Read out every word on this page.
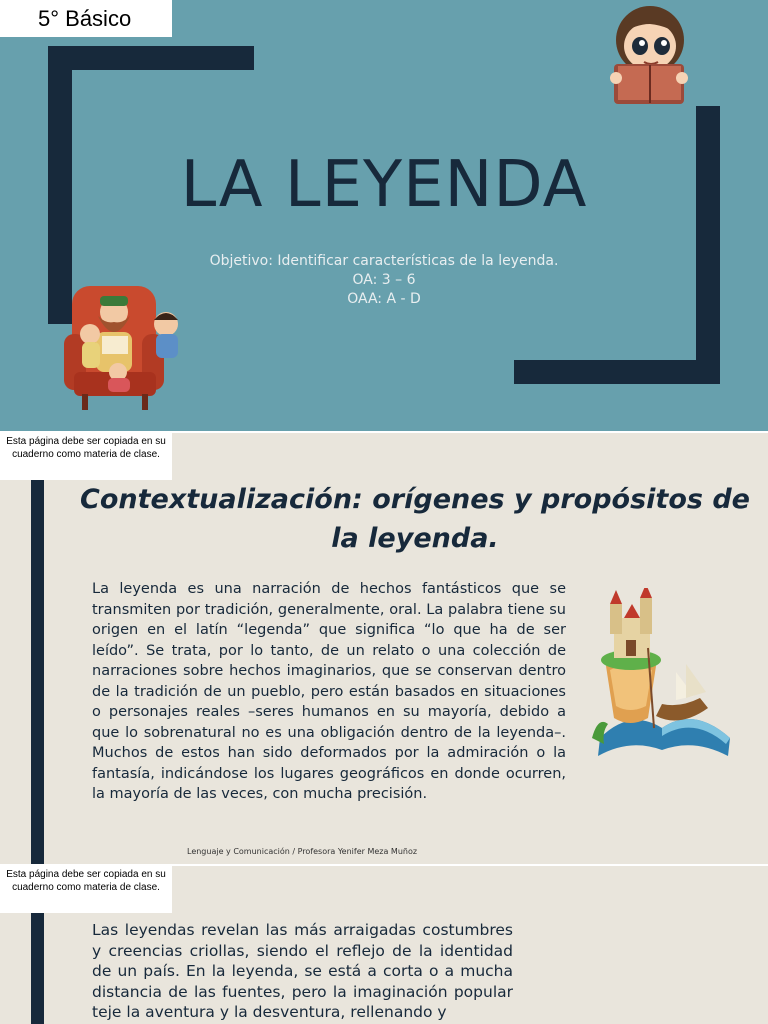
5° Básico
LA LEYENDA
Objetivo: Identificar características de la leyenda.
OA: 3 – 6
OAA: A - D
Esta página debe ser copiada en su cuaderno como materia de clase.
Contextualización: orígenes y propósitos de
la leyenda.
La leyenda es una narración de hechos fantásticos que se transmiten por tradición, generalmente, oral. La palabra tiene su origen en el latín “legenda” que significa “lo que ha de ser leído”. Se trata, por lo tanto, de un relato o una colección de narraciones sobre hechos imaginarios, que se conservan dentro de la tradición de un pueblo, pero están basados en situaciones o personajes reales –seres humanos en su mayoría, debido a que lo sobrenatural no es una obligación dentro de la leyenda–. Muchos de estos han sido deformados por la admiración o la fantasía, indicándose los lugares geográficos en donde ocurren, la mayoría de las veces, con mucha precisión.
Lenguaje y Comunicación / Profesora Yenifer Meza Muñoz
Esta página debe ser copiada en su cuaderno como materia de clase.
Las leyendas revelan las más arraigadas costumbres y creencias criollas, siendo el reflejo de la identidad de un país. En la leyenda, se está a corta o a mucha distancia de las fuentes, pero la imaginación popular teje la aventura y la desventura, rellenando y
